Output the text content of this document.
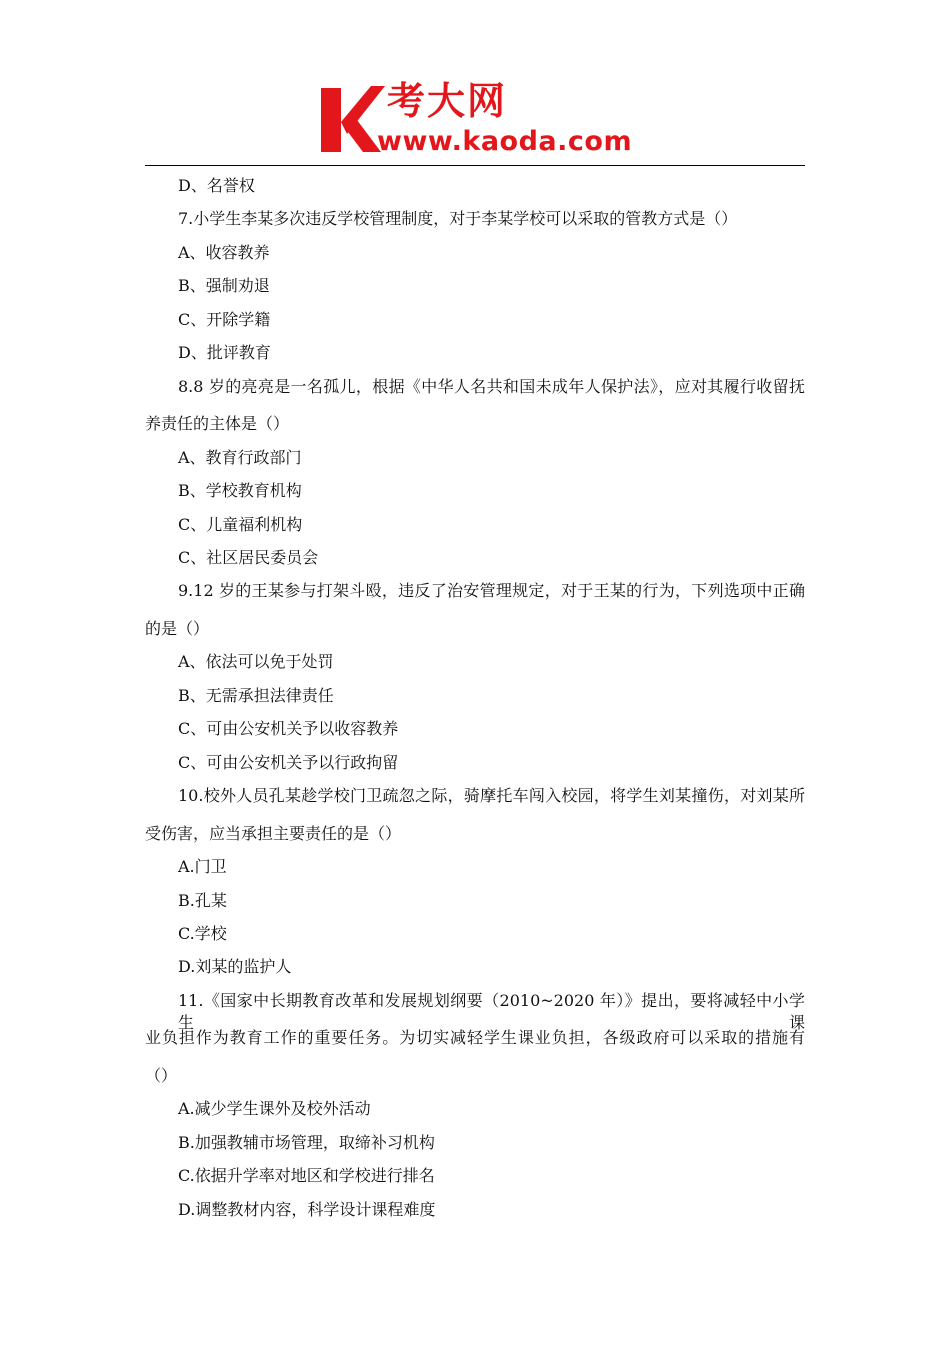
考大网
www.kaoda.com
D、名誉权
7.小学生李某多次违反学校管理制度，对于李某学校可以采取的管教方式是（）
A、收容教养
B、强制劝退
C、开除学籍
D、批评教育
8.8 岁的亮亮是一名孤儿，根据《中华人名共和国未成年人保护法》，应对其履行收留抚
养责任的主体是（）
A、教育行政部门
B、学校教育机构
C、儿童福利机构
C、社区居民委员会
9.12 岁的王某参与打架斗殴，违反了治安管理规定，对于王某的行为，下列选项中正确
的是（）
A、依法可以免于处罚
B、无需承担法律责任
C、可由公安机关予以收容教养
C、可由公安机关予以行政拘留
10.校外人员孔某趁学校门卫疏忽之际，骑摩托车闯入校园，将学生刘某撞伤，对刘某所
受伤害，应当承担主要责任的是（）
A.门卫
B.孔某
C.学校
D.刘某的监护人
11.《国家中长期教育改革和发展规划纲要（2010~2020 年）》提出，要将减轻中小学生课
业负担作为教育工作的重要任务。为切实减轻学生课业负担，各级政府可以采取的措施有
（）
A.减少学生课外及校外活动
B.加强教辅市场管理，取缔补习机构
C.依据升学率对地区和学校进行排名
D.调整教材内容，科学设计课程难度
